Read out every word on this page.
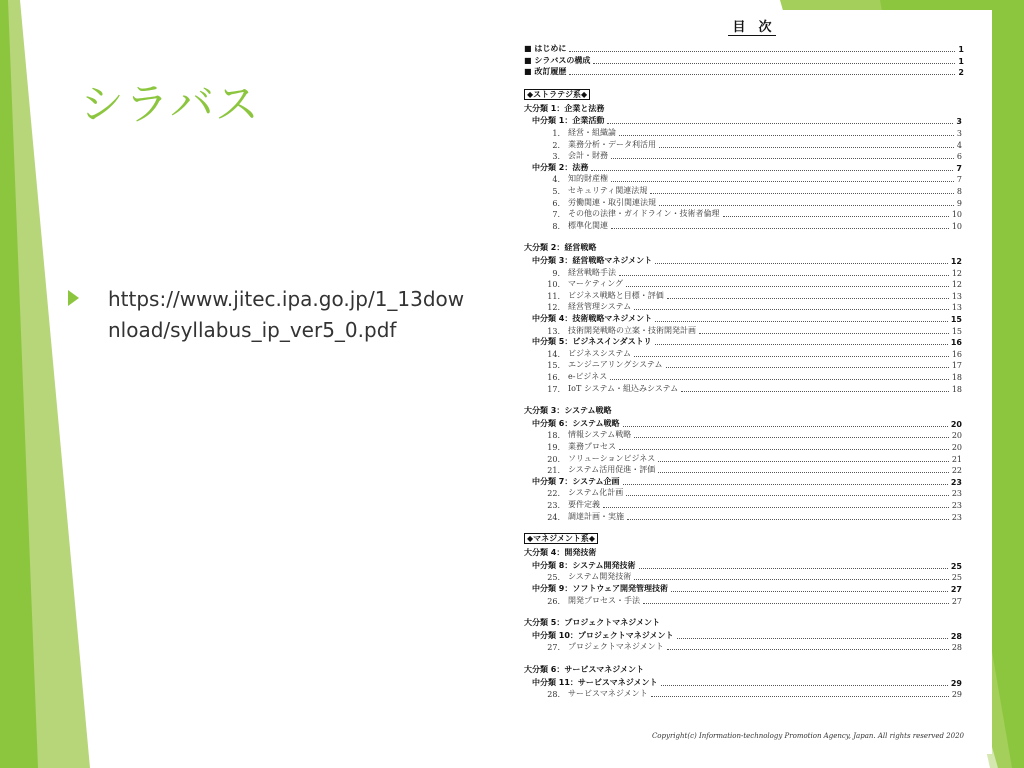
シラバス
https://www.jitec.ipa.go.jp/1_13download/syllabus_ip_ver5_0.pdf
目　次
■ はじめに	1
■ シラバスの構成	1
■ 改訂履歴	2
◆ストラテジ系◆
大分類 1：企業と法務
中分類 1：企業活動	3
1. 経営・組織論	3
2. 業務分析・データ利活用	4
3. 会計・財務	6
中分類 2：法務	7
4. 知的財産権	7
5. セキュリティ関連法規	8
6. 労働関連・取引関連法規	9
7. その他の法律・ガイドライン・技術者倫理	10
8. 標準化関連	10
大分類 2：経営戦略
中分類 3：経営戦略マネジメント	12
9. 経営戦略手法	12
10. マーケティング	12
11. ビジネス戦略と目標・評価	13
12. 経営管理システム	13
中分類 4：技術戦略マネジメント	15
13. 技術開発戦略の立案・技術開発計画	15
中分類 5：ビジネスインダストリ	16
14. ビジネスシステム	16
15. エンジニアリングシステム	17
16. e-ビジネス	18
17. IoT システム・組込みシステム	18
大分類 3：システム戦略
中分類 6：システム戦略	20
18. 情報システム戦略	20
19. 業務プロセス	20
20. ソリューションビジネス	21
21. システム活用促進・評価	22
中分類 7：システム企画	23
22. システム化計画	23
23. 要件定義	23
24. 調達計画・実施	23
◆マネジメント系◆
大分類 4：開発技術
中分類 8：システム開発技術	25
25. システム開発技術	25
中分類 9：ソフトウェア開発管理技術	27
26. 開発プロセス・手法	27
大分類 5：プロジェクトマネジメント
中分類 10：プロジェクトマネジメント	28
27. プロジェクトマネジメント	28
大分類 6：サービスマネジメント
中分類 11：サービスマネジメント	29
28. サービスマネジメント	29
Copyright(c) Information-technology Promotion Agency, Japan. All rights reserved 2020
